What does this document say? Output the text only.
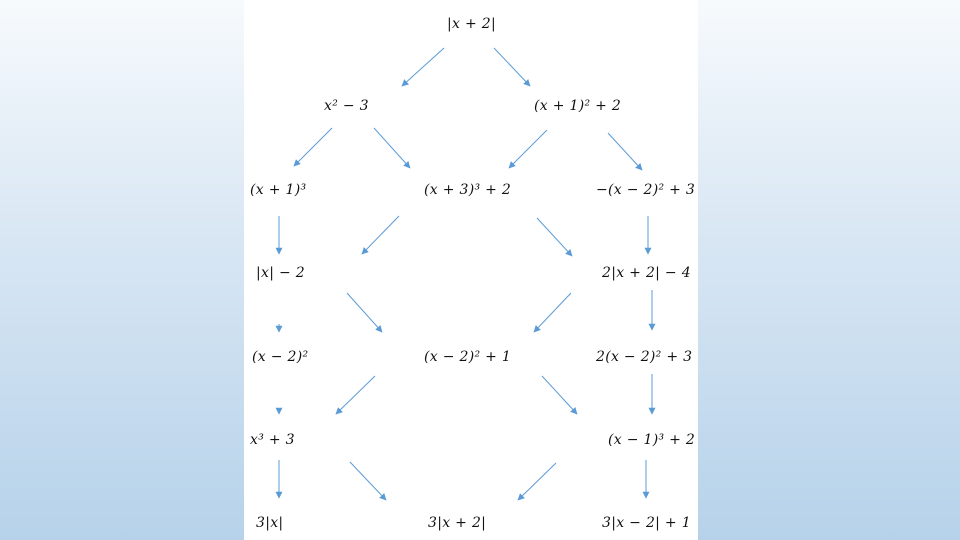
|x + 2|
x² − 3	(x + 1)² + 2
(x + 1)³	(x + 3)³ + 2	−(x − 2)² + 3
|x| − 2	2|x + 2| − 4
(x − 2)²	(x − 2)² + 1	2(x − 2)² + 3
x³ + 3	(x − 1)³ + 2
3|x|	3|x + 2|	3|x − 2| + 1
